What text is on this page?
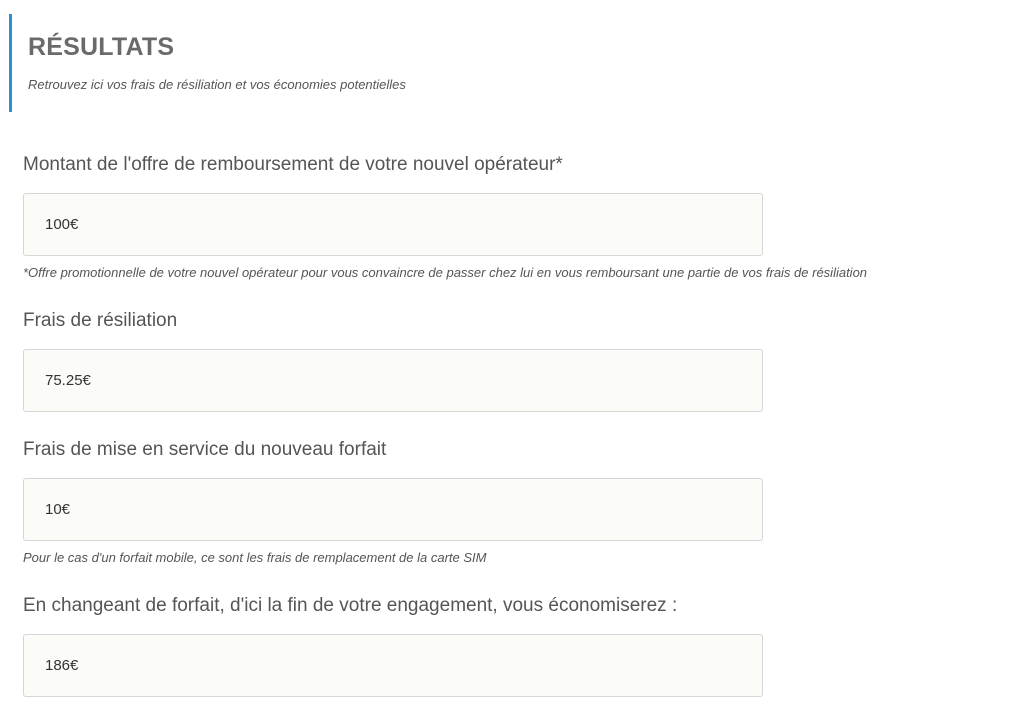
RÉSULTATS

Retrouvez ici vos frais de résiliation et vos économies potentielles

Montant de l'offre de remboursement de votre nouvel opérateur*
100€
*Offre promotionnelle de votre nouvel opérateur pour vous convaincre de passer chez lui en vous remboursant une partie de vos frais de résiliation
Frais de résiliation
75.25€
Frais de mise en service du nouveau forfait
10€
Pour le cas d'un forfait mobile, ce sont les frais de remplacement de la carte SIM
En changeant de forfait, d'ici la fin de votre engagement, vous économiserez :
186€
